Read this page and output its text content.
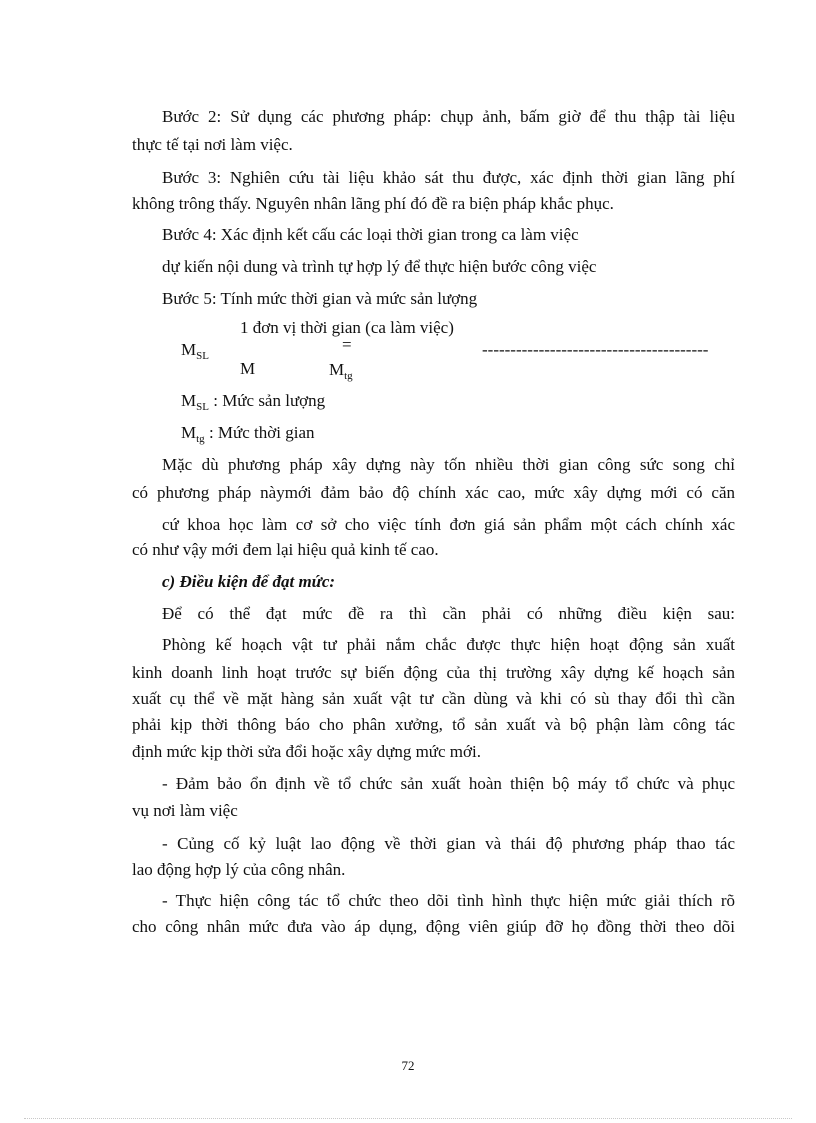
Bước 2: Sử dụng các phương pháp: chụp ảnh, bấm giờ để thu thập tài liệu

thực tế tại nơi làm việc.

Bước 3: Nghiên cứu tài liệu khảo sát thu được, xác định thời gian lãng phí

không trông thấy. Nguyên nhân lãng phí đó đề ra biện pháp khắc phục.

Bước 4: Xác định kết cấu các loại thời gian trong ca làm việc

dự kiến nội dung và trình tự hợp lý để thực hiện bước công việc

Bước 5: Tính mức thời gian và mức sản lượng

1 đơn vị thời gian (ca làm việc)

$M_{SL}$

=	----------------------------------------

M	$M_{tg}$

$M_{SL}$ : Mức sản lượng

$M_{tg}$ : Mức thời gian

Mặc dù phương pháp xây dựng này tốn nhiều thời gian công sức song chỉ

có phương pháp nàymới đảm bảo độ chính xác cao, mức xây dựng mới có căn

cứ khoa học làm cơ sở cho việc tính đơn giá sản phẩm một cách chính xác

có như vậy mới đem lại hiệu quả kinh tế cao.

c) Điều kiện để đạt mức:

Để có thể đạt mức đề ra thì cần phải có những điều kiện sau:

Phòng kế hoạch vật tư phải nắm chắc được thực hiện hoạt động sản xuất

kinh doanh linh hoạt trước sự biến động của thị trường xây dựng kế hoạch sản

xuất cụ thể về mặt hàng sản xuất vật tư cần dùng và khi có sù thay đổi thì cần

phải kịp thời thông báo cho phân xưởng, tổ sản xuất và bộ phận làm công tác

định mức kịp thời sửa đổi hoặc xây dựng mức mới.

- Đảm bảo ổn định về tổ chức sản xuất hoàn thiện bộ máy tổ chức và phục

vụ nơi làm việc

- Củng cố kỷ luật lao động về thời gian và thái độ phương pháp thao tác

lao động hợp lý của công nhân.

- Thực hiện công tác tổ chức theo dõi tình hình thực hiện mức giải thích rõ

cho công nhân mức đưa vào áp dụng, động viên giúp đỡ họ đồng thời theo dõi

72
